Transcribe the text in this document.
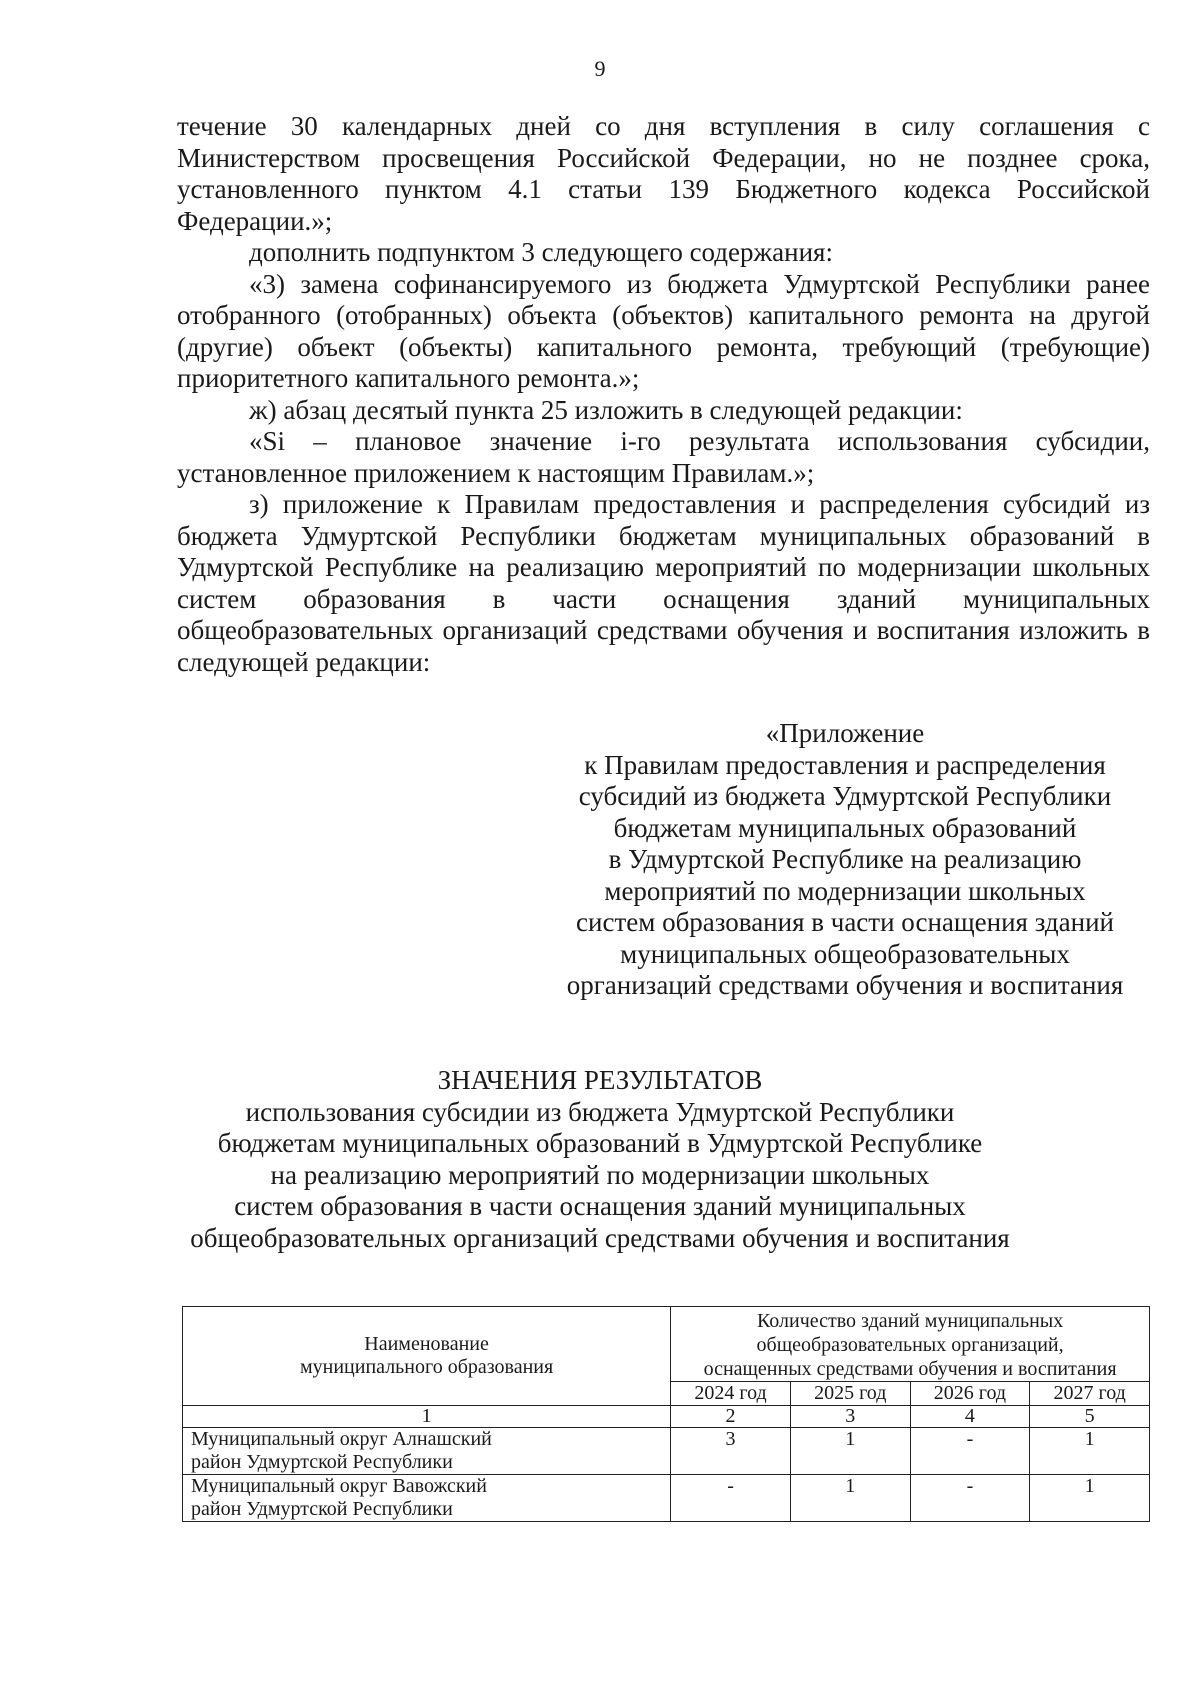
9

течение 30 календарных дней со дня вступления в силу соглашения с Министерством просвещения Российской Федерации, но не позднее срока, установленного пунктом 4.1 статьи 139 Бюджетного кодекса Российской Федерации.»;

дополнить подпунктом 3 следующего содержания:

«3) замена софинансируемого из бюджета Удмуртской Республики ранее отобранного (отобранных) объекта (объектов) капитального ремонта на другой (другие) объект (объекты) капитального ремонта, требующий (требующие) приоритетного капитального ремонта.»;

ж) абзац десятый пункта 25 изложить в следующей редакции:

«Si – плановое значение i-го результата использования субсидии, установленное приложением к настоящим Правилам.»;

з) приложение к Правилам предоставления и распределения субсидий из бюджета Удмуртской Республики бюджетам муниципальных образований в Удмуртской Республике на реализацию мероприятий по модернизации школьных систем образования в части оснащения зданий муниципальных общеобразовательных организаций средствами обучения и воспитания изложить в следующей редакции:

«Приложение
к Правилам предоставления и распределения
субсидий из бюджета Удмуртской Республики
бюджетам муниципальных образований
в Удмуртской Республике на реализацию
мероприятий по модернизации школьных
систем образования в части оснащения зданий
муниципальных общеобразовательных
организаций средствами обучения и воспитания
ЗНАЧЕНИЯ РЕЗУЛЬТАТОВ
использования субсидии из бюджета Удмуртской Республики
бюджетам муниципальных образований в Удмуртской Республике
на реализацию мероприятий по модернизации школьных
систем образования в части оснащения зданий муниципальных
общеобразовательных организаций средствами обучения и воспитания
Наименование
муниципального образования	Количество зданий муниципальных
общеобразовательных организаций,
оснащенных средствами обучения и воспитания			
	2024 год	2025 год	2026 год	2027 год
1	2	3	4	5
Муниципальный округ Алнашский
район Удмуртской Республики	3	1	-	1
Муниципальный округ Вавожский
район Удмуртской Республики	-	1	-	1
